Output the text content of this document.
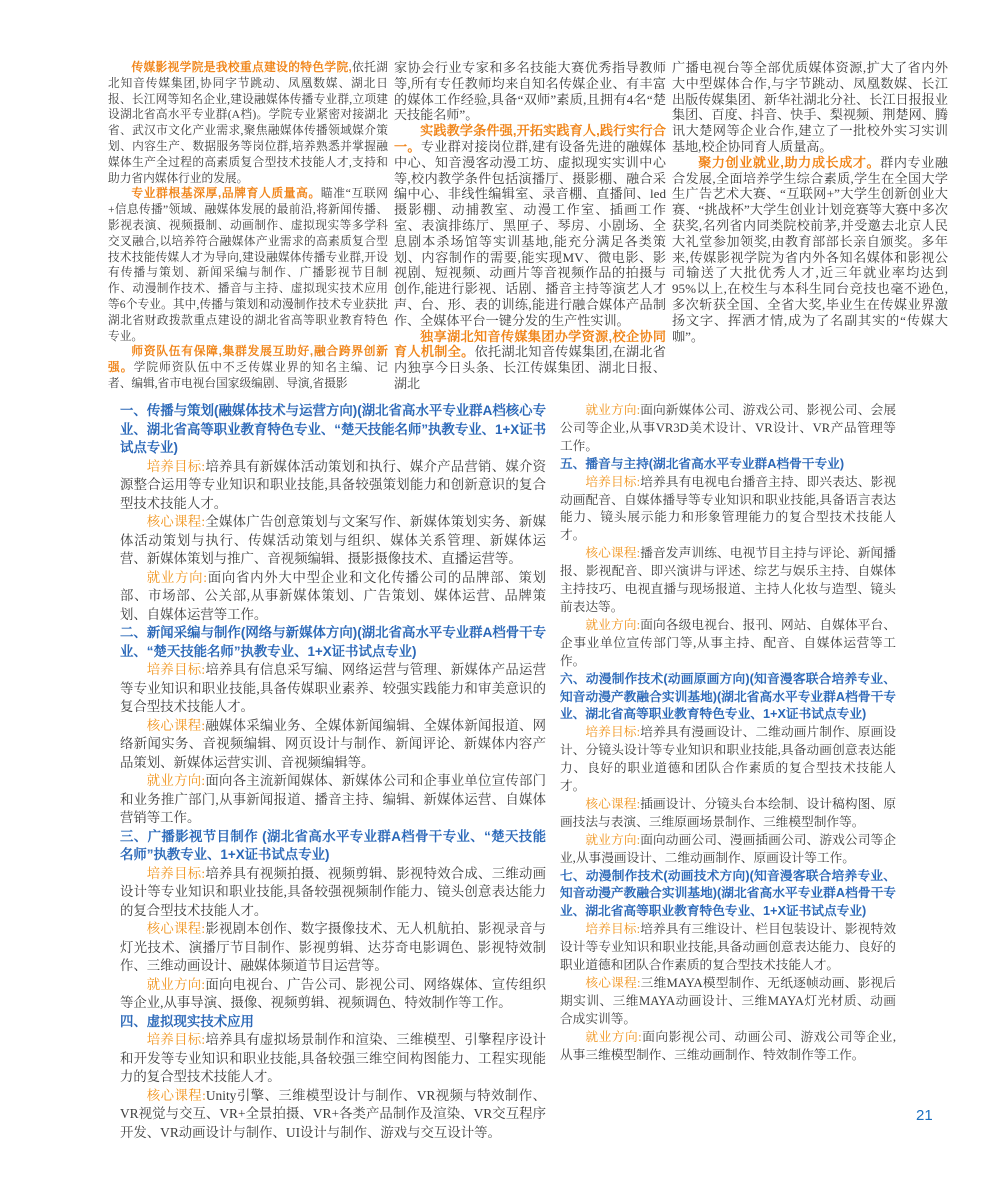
传媒影视学院是我校重点建设的特色学院,依托湖北知音传媒集团,协同字节跳动、凤凰数媒、湖北日报、长江网等知名企业,建设融媒体传播专业群,立项建设湖北省高水平专业群(A档)。学院专业紧密对接湖北省、武汉市文化产业需求,聚焦融媒体传播领域媒介策划、内容生产、数据服务等岗位群,培养熟悉并掌握融媒体生产全过程的高素质复合型技术技能人才,支持和助力省内媒体行业的发展。

专业群根基深厚,品牌育人质量高。瞄准“互联网+信息传播”领域、融媒体发展的最前沿,将新闻传播、影视表演、视频摄制、动画制作、虚拟现实等多学科交叉融合,以培养符合融媒体产业需求的高素质复合型技术技能传媒人才为导向,建设融媒体传播专业群,开设有传播与策划、新闻采编与制作、广播影视节目制作、动漫制作技术、播音与主持、虚拟现实技术应用等6个专业。其中,传播与策划和动漫制作技术专业获批湖北省财政拨款重点建设的湖北省高等职业教育特色专业。

师资队伍有保障,集群发展互助好,融合跨界创新强。学院师资队伍中不乏传媒业界的知名主编、记者、编辑,省市电视台国家级编剧、导演,省摄影

家协会行业专家和多名技能大赛优秀指导教师等,所有专任教师均来自知名传媒企业、有丰富的媒体工作经验,具备“双师”素质,且拥有4名“楚天技能名师”。

实践教学条件强,开拓实践育人,践行实行合一。专业群对接岗位群,建有设备先进的融媒体中心、知音漫客动漫工坊、虚拟现实实训中心等,校内教学条件包括演播厅、摄影棚、融合采编中心、非线性编辑室、录音棚、直播间、led摄影棚、动捕教室、动漫工作室、插画工作室、表演排练厅、黑匣子、琴房、小剧场、全息剧本杀场馆等实训基地,能充分满足各类策划、内容制作的需要,能实现MV、微电影、影视剧、短视频、动画片等音视频作品的拍摄与创作,能进行影视、话剧、播音主持等演艺人才声、台、形、表的训练,能进行融合媒体产品制作、全媒体平台一键分发的生产性实训。

独享湖北知音传媒集团办学资源,校企协同育人机制全。依托湖北知音传媒集团,在湖北省内独享今日头条、长江传媒集团、湖北日报、湖北

广播电视台等全部优质媒体资源,扩大了省内外大中型媒体合作,与字节跳动、凤凰数媒、长江出版传媒集团、新华社湖北分社、长江日报报业集团、百度、抖音、快手、梨视频、荆楚网、腾讯大楚网等企业合作,建立了一批校外实习实训基地,校企协同育人质量高。

聚力创业就业,助力成长成才。群内专业融合发展,全面培养学生综合素质,学生在全国大学生广告艺术大赛、“互联网+”大学生创新创业大赛、“挑战杯”大学生创业计划竞赛等大赛中多次获奖,名列省内同类院校前茅,并受邀去北京人民大礼堂参加领奖,由教育部部长亲自颁奖。多年来,传媒影视学院为省内外各知名媒体和影视公司输送了大批优秀人才,近三年就业率均达到95%以上,在校生与本科生同台竞技也毫不逊色,多次斩获全国、全省大奖,毕业生在传媒业界激扬文字、挥洒才情,成为了名副其实的“传媒大咖”。

一、传播与策划(融媒体技术与运营方向)(湖北省高水平专业群A档核心专业、湖北省高等职业教育特色专业、“楚天技能名师”执教专业、1+X证书试点专业)

培养目标:培养具有新媒体活动策划和执行、媒介产品营销、媒介资源整合运用等专业知识和职业技能,具备较强策划能力和创新意识的复合型技术技能人才。

核心课程:全媒体广告创意策划与文案写作、新媒体策划实务、新媒体活动策划与执行、传媒活动策划与组织、媒体关系管理、新媒体运营、新媒体策划与推广、音视频编辑、摄影摄像技术、直播运营等。

就业方向:面向省内外大中型企业和文化传播公司的品牌部、策划部、市场部、公关部,从事新媒体策划、广告策划、媒体运营、品牌策划、自媒体运营等工作。

二、新闻采编与制作(网络与新媒体方向)(湖北省高水平专业群A档骨干专业、“楚天技能名师”执教专业、1+X证书试点专业)

培养目标:培养具有信息采写编、网络运营与管理、新媒体产品运营等专业知识和职业技能,具备传媒职业素养、较强实践能力和审美意识的复合型技术技能人才。

核心课程:融媒体采编业务、全媒体新闻编辑、全媒体新闻报道、网络新闻实务、音视频编辑、网页设计与制作、新闻评论、新媒体内容产品策划、新媒体运营实训、音视频编辑等。

就业方向:面向各主流新闻媒体、新媒体公司和企事业单位宣传部门和业务推广部门,从事新闻报道、播音主持、编辑、新媒体运营、自媒体营销等工作。

三、广播影视节目制作 (湖北省高水平专业群A档骨干专业、“楚天技能名师”执教专业、1+X证书试点专业)

培养目标:培养具有视频拍摄、视频剪辑、影视特效合成、三维动画设计等专业知识和职业技能,具备较强视频制作能力、镜头创意表达能力的复合型技术技能人才。

核心课程:影视剧本创作、数字摄像技术、无人机航拍、影视录音与灯光技术、演播厅节目制作、影视剪辑、达芬奇电影调色、影视特效制作、三维动画设计、融媒体频道节目运营等。

就业方向:面向电视台、广告公司、影视公司、网络媒体、宣传组织等企业,从事导演、摄像、视频剪辑、视频调色、特效制作等工作。

四、虚拟现实技术应用

培养目标:培养具有虚拟场景制作和渲染、三维模型、引擎程序设计和开发等专业知识和职业技能,具备较强三维空间构图能力、工程实现能力的复合型技术技能人才。

核心课程:Unity引擎、三维模型设计与制作、VR视频与特效制作、VR视觉与交互、VR+全景拍摄、VR+各类产品制作及渲染、VR交互程序开发、VR动画设计与制作、UI设计与制作、游戏与交互设计等。

就业方向:面向新媒体公司、游戏公司、影视公司、会展公司等企业,从事VR3D美术设计、VR设计、VR产品管理等工作。

五、播音与主持(湖北省高水平专业群A档骨干专业)

培养目标:培养具有电视电台播音主持、即兴表达、影视动画配音、自媒体播导等专业知识和职业技能,具备语言表达能力、镜头展示能力和形象管理能力的复合型技术技能人才。

核心课程:播音发声训练、电视节目主持与评论、新闻播报、影视配音、即兴演讲与评述、综艺与娱乐主持、自媒体主持技巧、电视直播与现场报道、主持人化妆与造型、镜头前表达等。

就业方向:面向各级电视台、报刊、网站、自媒体平台、企事业单位宣传部门等,从事主持、配音、自媒体运营等工作。

六、动漫制作技术(动画原画方向)(知音漫客联合培养专业、知音动漫产教融合实训基地)(湖北省高水平专业群A档骨干专业、湖北省高等职业教育特色专业、1+X证书试点专业)

培养目标:培养具有漫画设计、二维动画片制作、原画设计、分镜头设计等专业知识和职业技能,具备动画创意表达能力、良好的职业道德和团队合作素质的复合型技术技能人才。

核心课程:插画设计、分镜头台本绘制、设计稿构图、原画技法与表演、三维原画场景制作、三维模型制作等。

就业方向:面向动画公司、漫画插画公司、游戏公司等企业,从事漫画设计、二维动画制作、原画设计等工作。

七、动漫制作技术(动画技术方向)(知音漫客联合培养专业、知音动漫产教融合实训基地)(湖北省高水平专业群A档骨干专业、湖北省高等职业教育特色专业、1+X证书试点专业)

培养目标:培养具有三维设计、栏目包装设计、影视特效设计等专业知识和职业技能,具备动画创意表达能力、良好的职业道德和团队合作素质的复合型技术技能人才。

核心课程:三维MAYA模型制作、无纸逐帧动画、影视后期实训、三维MAYA动画设计、三维MAYA灯光材质、动画合成实训等。

就业方向:面向影视公司、动画公司、游戏公司等企业,从事三维模型制作、三维动画制作、特效制作等工作。

21
